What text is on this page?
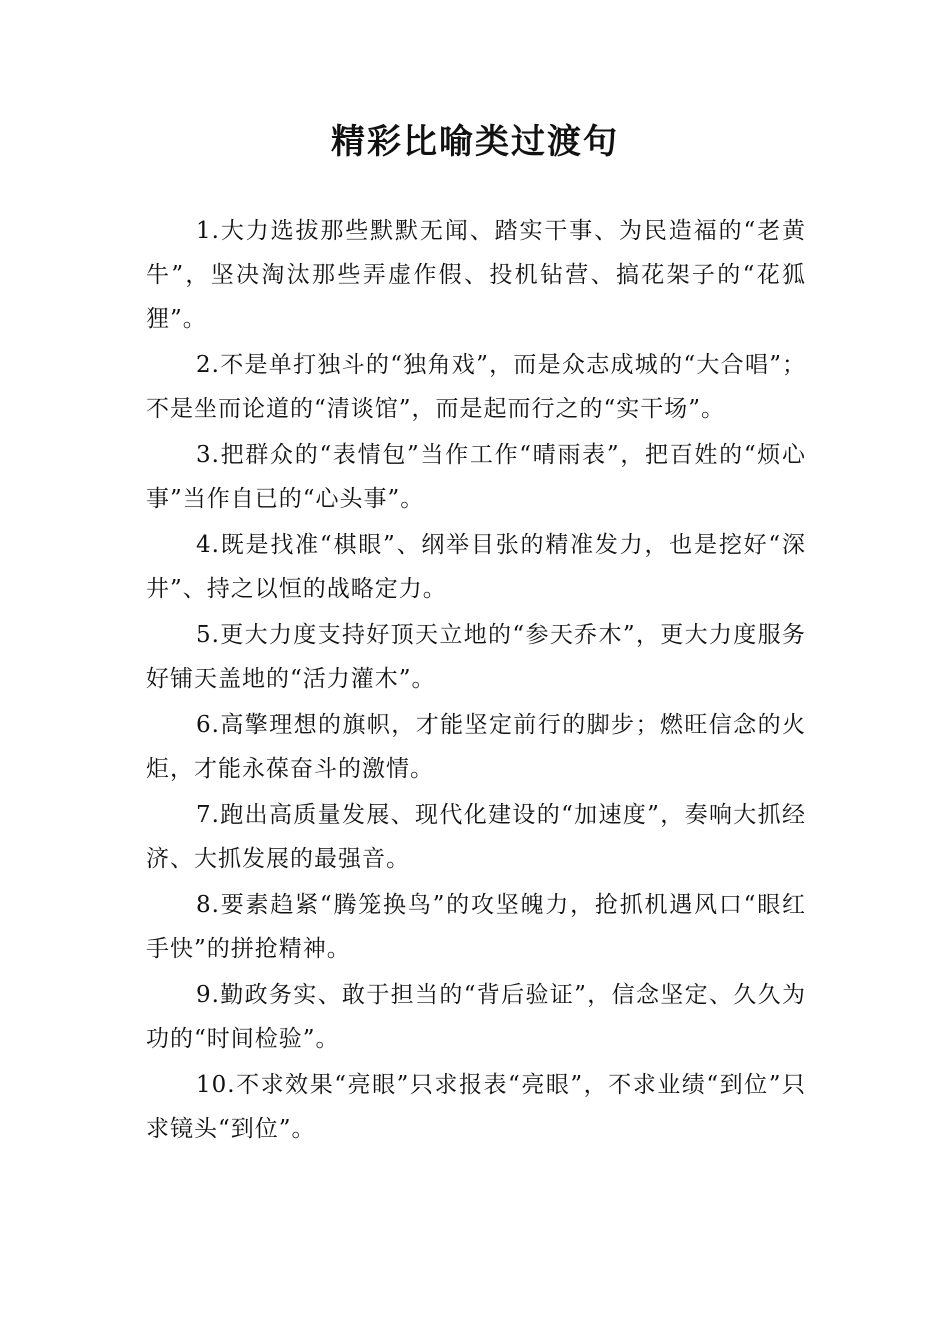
精彩比喻类过渡句
1.大力选拔那些默默无闻、踏实干事、为民造福的“老黄牛”，坚决淘汰那些弄虚作假、投机钻营、搞花架子的“花狐狸”。
2.不是单打独斗的“独角戏”，而是众志成城的“大合唱”；不是坐而论道的“清谈馆”，而是起而行之的“实干场”。
3.把群众的“表情包”当作工作“晴雨表”，把百姓的“烦心事”当作自已的“心头事”。
4.既是找准“棋眼”、纲举目张的精准发力，也是挖好“深井”、持之以恒的战略定力。
5.更大力度支持好顶天立地的“参天乔木”，更大力度服务好铺天盖地的“活力灌木”。
6.高擎理想的旗帜，才能坚定前行的脚步；燃旺信念的火炬，才能永葆奋斗的激情。
7.跑出高质量发展、现代化建设的“加速度”，奏响大抓经济、大抓发展的最强音。
8.要素趋紧“腾笼换鸟”的攻坚魄力，抢抓机遇风口“眼红手快”的拼抢精神。
9.勤政务实、敢于担当的“背后验证”，信念坚定、久久为功的“时间检验”。
10.不求效果“亮眼”只求报表“亮眼”，不求业绩“到位”只求镜头“到位”。
